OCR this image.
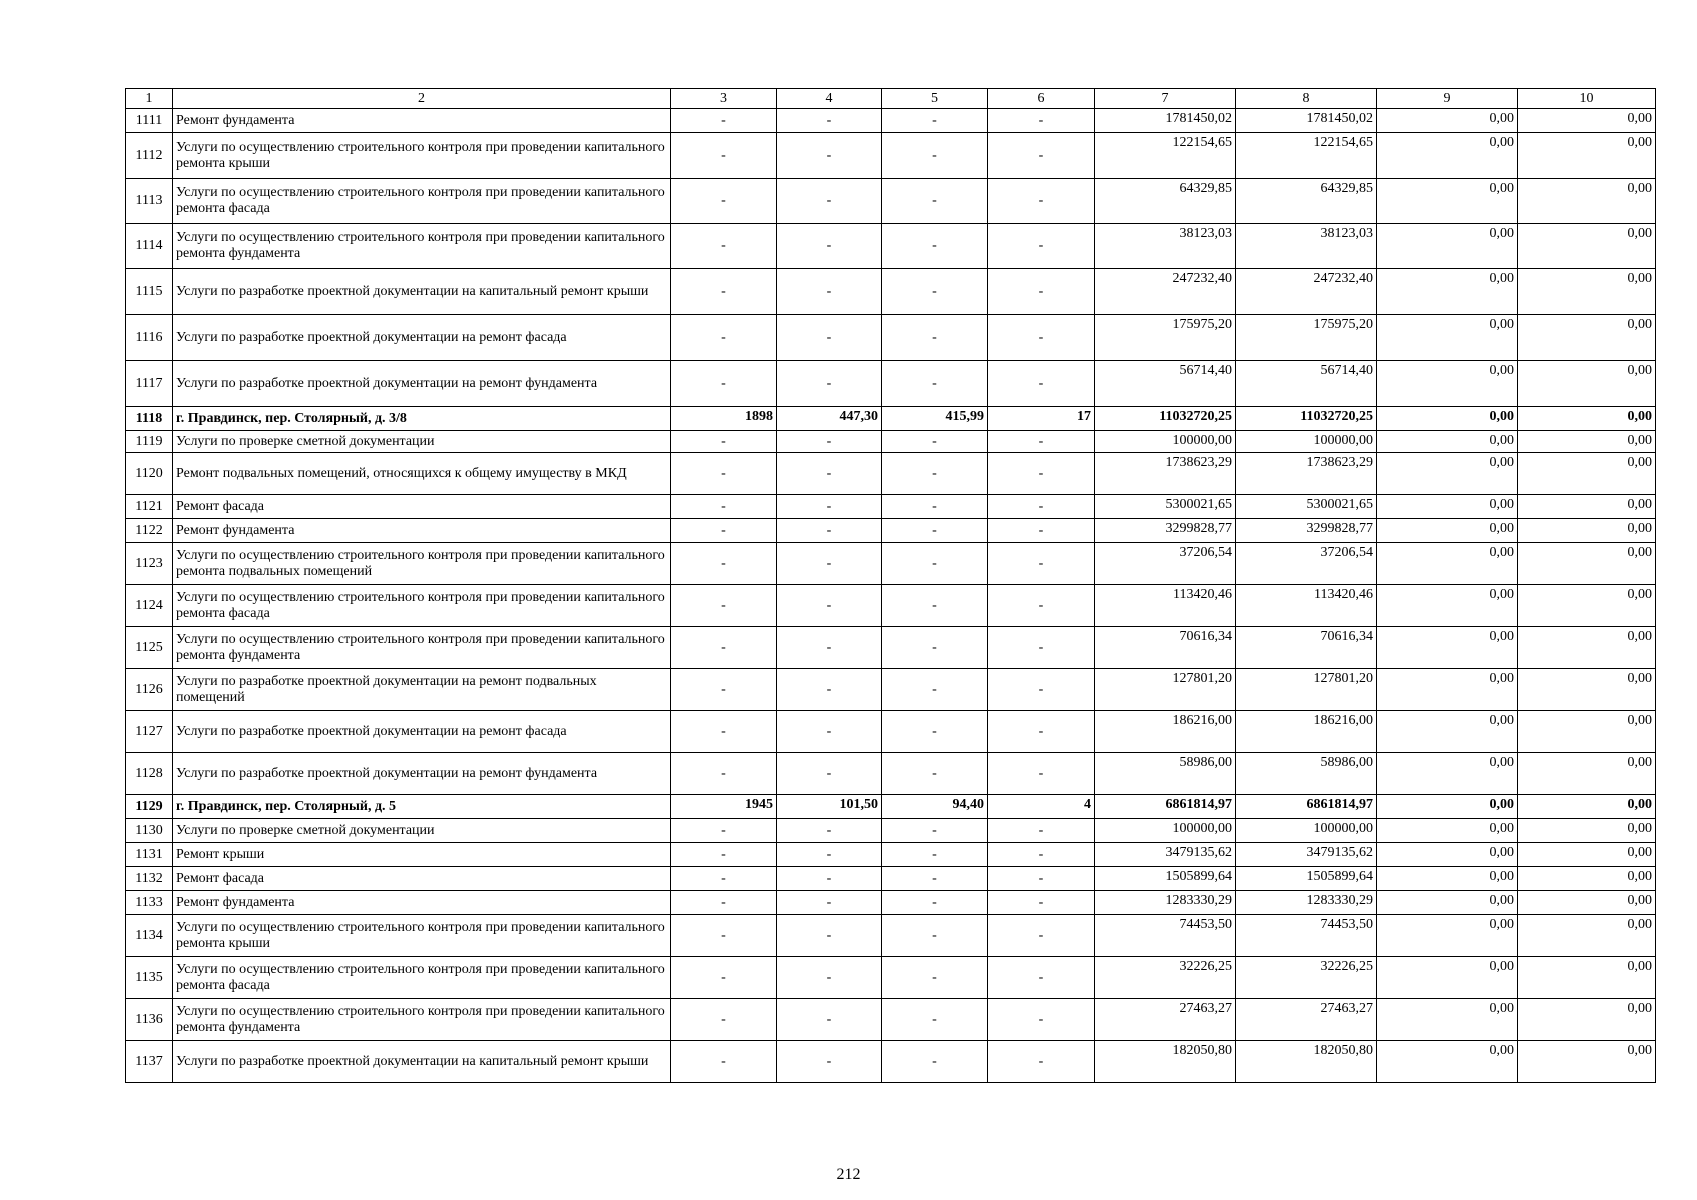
1	2	3	4	5	6	7	8	9	10
1111	Ремонт фундамента	-	-	-	-	1781450,02	1781450,02	0,00	0,00
1112	Услуги по осуществлению строительного контроля при проведении капитального ремонта крыши	-	-	-	-	122154,65	122154,65	0,00	0,00
1113	Услуги по осуществлению строительного контроля при проведении капитального ремонта фасада	-	-	-	-	64329,85	64329,85	0,00	0,00
1114	Услуги по осуществлению строительного контроля при проведении капитального ремонта фундамента	-	-	-	-	38123,03	38123,03	0,00	0,00
1115	Услуги по разработке проектной документации на капитальный ремонт крыши	-	-	-	-	247232,40	247232,40	0,00	0,00
1116	Услуги по разработке проектной документации на ремонт фасада	-	-	-	-	175975,20	175975,20	0,00	0,00
1117	Услуги по разработке проектной документации на ремонт фундамента	-	-	-	-	56714,40	56714,40	0,00	0,00
1118	г. Правдинск, пер. Столярный, д. 3/8	1898	447,30	415,99	17	11032720,25	11032720,25	0,00	0,00
1119	Услуги по проверке сметной документации	-	-	-	-	100000,00	100000,00	0,00	0,00
1120	Ремонт подвальных помещений, относящихся к общему имуществу в МКД	-	-	-	-	1738623,29	1738623,29	0,00	0,00
1121	Ремонт фасада	-	-	-	-	5300021,65	5300021,65	0,00	0,00
1122	Ремонт фундамента	-	-	-	-	3299828,77	3299828,77	0,00	0,00
1123	Услуги по осуществлению строительного контроля при проведении капитального ремонта подвальных помещений	-	-	-	-	37206,54	37206,54	0,00	0,00
1124	Услуги по осуществлению строительного контроля при проведении капитального ремонта фасада	-	-	-	-	113420,46	113420,46	0,00	0,00
1125	Услуги по осуществлению строительного контроля при проведении капитального ремонта фундамента	-	-	-	-	70616,34	70616,34	0,00	0,00
1126	Услуги по разработке проектной документации на ремонт подвальных помещений	-	-	-	-	127801,20	127801,20	0,00	0,00
1127	Услуги по разработке проектной документации на ремонт фасада	-	-	-	-	186216,00	186216,00	0,00	0,00
1128	Услуги по разработке проектной документации на ремонт фундамента	-	-	-	-	58986,00	58986,00	0,00	0,00
1129	г. Правдинск, пер. Столярный, д. 5	1945	101,50	94,40	4	6861814,97	6861814,97	0,00	0,00
1130	Услуги по проверке сметной документации	-	-	-	-	100000,00	100000,00	0,00	0,00
1131	Ремонт крыши	-	-	-	-	3479135,62	3479135,62	0,00	0,00
1132	Ремонт фасада	-	-	-	-	1505899,64	1505899,64	0,00	0,00
1133	Ремонт фундамента	-	-	-	-	1283330,29	1283330,29	0,00	0,00
1134	Услуги по осуществлению строительного контроля при проведении капитального ремонта крыши	-	-	-	-	74453,50	74453,50	0,00	0,00
1135	Услуги по осуществлению строительного контроля при проведении капитального ремонта фасада	-	-	-	-	32226,25	32226,25	0,00	0,00
1136	Услуги по осуществлению строительного контроля при проведении капитального ремонта фундамента	-	-	-	-	27463,27	27463,27	0,00	0,00
1137	Услуги по разработке проектной документации на капитальный ремонт крыши	-	-	-	-	182050,80	182050,80	0,00	0,00
212
